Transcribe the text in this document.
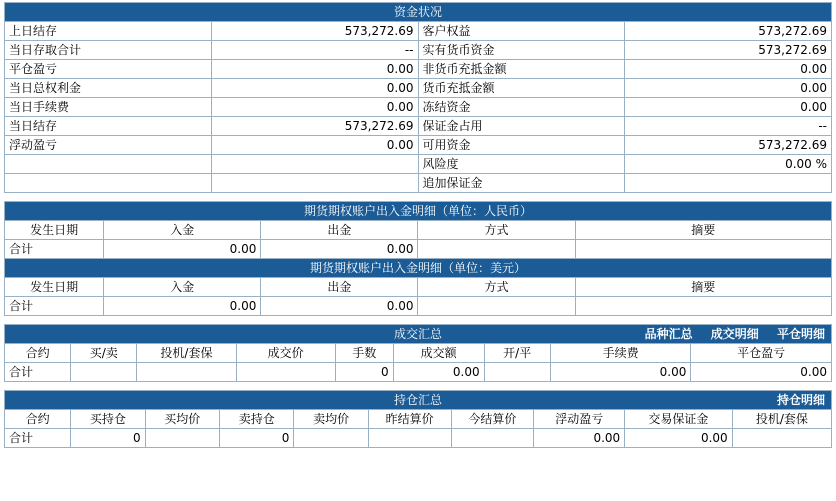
资金状况			
上日结存	573,272.69	客户权益	573,272.69
当日存取合计	--	实有货币资金	573,272.69
平仓盈亏	0.00	非货币充抵金额	0.00
当日总权利金	0.00	货币充抵金额	0.00
当日手续费	0.00	冻结资金	0.00
当日结存	573,272.69	保证金占用	--
浮动盈亏	0.00	可用资金	573,272.69
		风险度	0.00 %
		追加保证金	
期货期权账户出入金明细（单位：人民币）				
发生日期	入金	出金	方式	摘要
合计	0.00	0.00		
期货期权账户出入金明细（单位：美元）				
发生日期	入金	出金	方式	摘要
合计	0.00	0.00		
成交汇总 品种汇总 成交明细 平仓明细								

合约	买/卖	投机/套保	成交价	手数	成交额	开/平	手续费	平仓盈亏
合计				0	0.00		0.00	0.00
持仓汇总 持仓明细									

合约	买持仓	买均价	卖持仓	卖均价	昨结算价	今结算价	浮动盈亏	交易保证金	投机/套保
合计	0		0				0.00	0.00	
